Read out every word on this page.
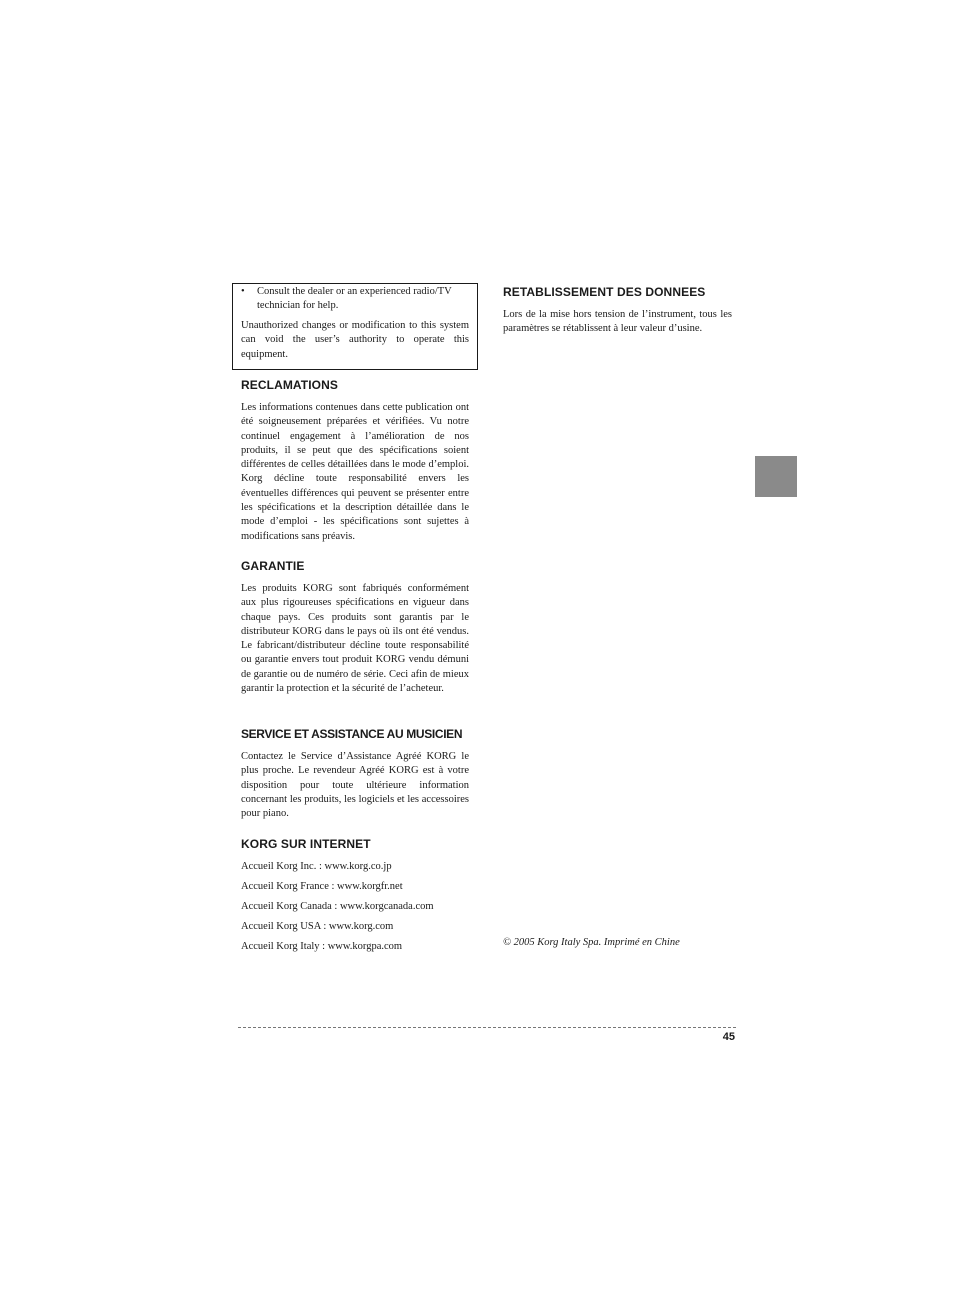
• Consult the dealer or an experienced radio/TV technician for help.

Unauthorized changes or modification to this system can void the user’s authority to operate this equipment.

RECLAMATIONS

Les informations contenues dans cette publication ont été soigneusement préparées et vérifiées. Vu notre continuel engagement à l’amélioration de nos produits, il se peut que des spécifications soient différentes de celles détaillées dans le mode d’emploi. Korg décline toute responsabilité envers les éventuelles différences qui peuvent se présenter entre les spécifications et la description détaillée dans le mode d’emploi - les spécifications sont sujettes à modifications sans préavis.

GARANTIE

Les produits KORG sont fabriqués conformément aux plus rigoureuses spécifications en vigueur dans chaque pays. Ces produits sont garantis par le distributeur KORG dans le pays où ils ont été vendus. Le fabricant/distributeur décline toute responsabilité ou garantie envers tout produit KORG vendu démuni de garantie ou de numéro de série. Ceci afin de mieux garantir la protection et la sécurité de l’acheteur.

SERVICE ET ASSISTANCE AU MUSICIEN

Contactez le Service d’Assistance Agréé KORG le plus proche. Le revendeur Agréé KORG est à votre disposition pour toute ultérieure information concernant les produits, les logiciels et les accessoires pour piano.

KORG SUR INTERNET

Accueil Korg Inc. : www.korg.co.jp

Accueil Korg France : www.korgfr.net

Accueil Korg Canada : www.korgcanada.com

Accueil Korg USA : www.korg.com

Accueil Korg Italy : www.korgpa.com

RETABLISSEMENT DES DONNEES

Lors de la mise hors tension de l’instrument, tous les paramètres se rétablissent à leur valeur d’usine.

© 2005 Korg Italy Spa. Imprimé en Chine

45
